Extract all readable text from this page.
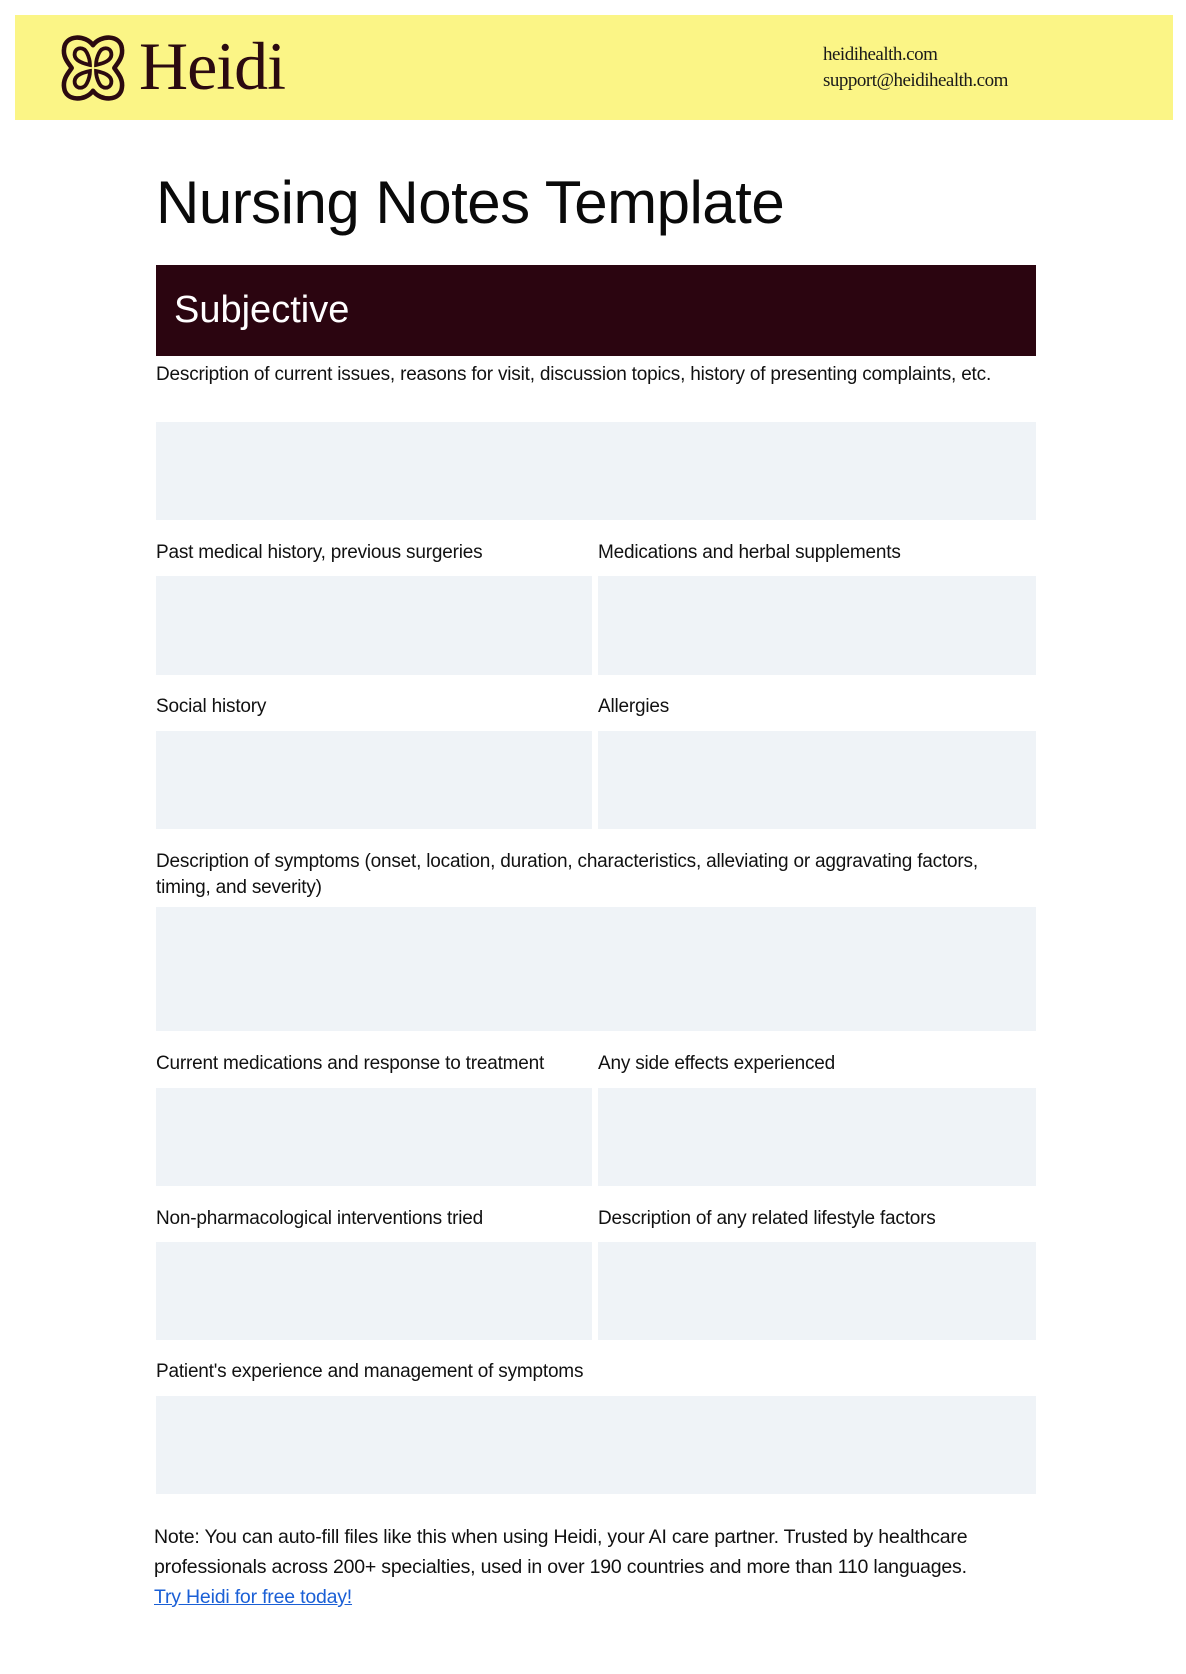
Heidi	heidihealth.com
support@heidihealth.com
Nursing Notes Template
Subjective
Description of current issues, reasons for visit, discussion topics, history of presenting complaints, etc.
Past medical history, previous surgeries	Medications and herbal supplements
Social history	Allergies
Description of symptoms (onset, location, duration, characteristics, alleviating or aggravating factors, timing, and severity)
Current medications and response to treatment	Any side effects experienced
Non-pharmacological interventions tried	Description of any related lifestyle factors
Patient's experience and management of symptoms
Note: You can auto-fill files like this when using Heidi, your AI care partner. Trusted by healthcare professionals across 200+ specialties, used in over 190 countries and more than 110 languages.
Try Heidi for free today!
